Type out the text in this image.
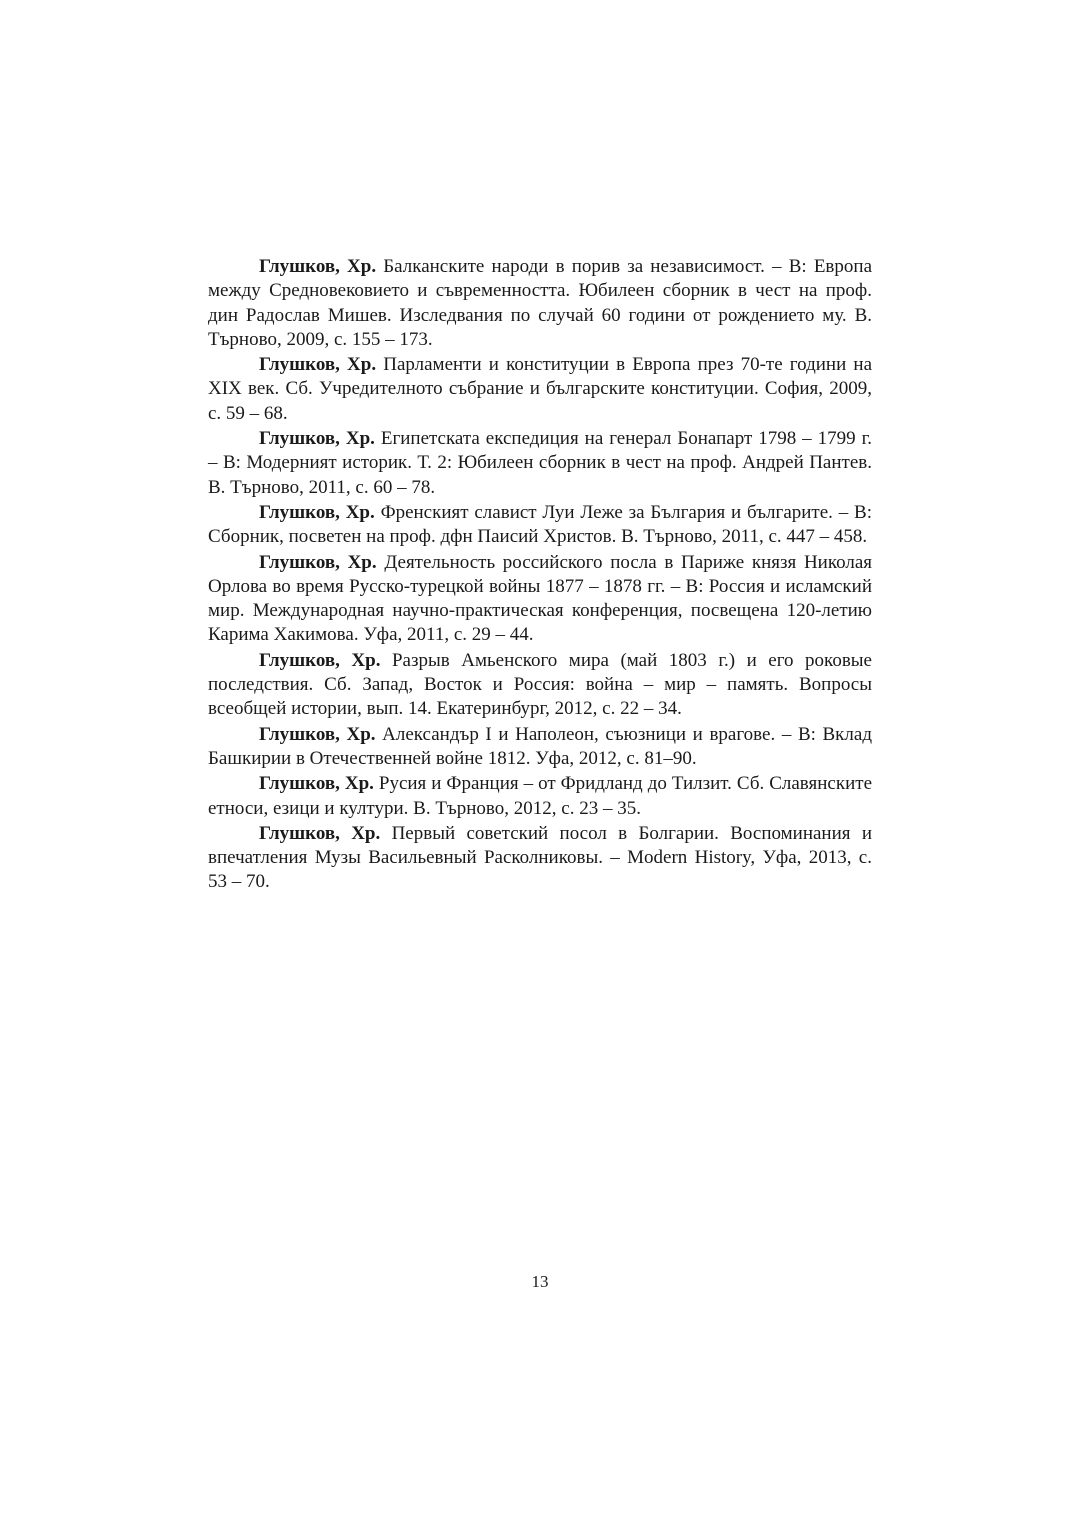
Глушков, Хр. Балканските народи в порив за независимост. – В: Европа между Средновековието и съвременността. Юбилеен сборник в чест на проф. дин Радослав Мишев. Изследвания по случай 60 години от рождението му. В. Търново, 2009, с. 155 – 173.

Глушков, Хр. Парламенти и конституции в Европа през 70-те години на XIX век. Сб. Учредителното събрание и българските конституции. София, 2009, с. 59 – 68.

Глушков, Хр. Египетската експедиция на генерал Бонапарт 1798 – 1799 г. – В: Модерният историк. Т. 2: Юбилеен сборник в чест на проф. Андрей Пантев. В. Търново, 2011, с. 60 – 78.

Глушков, Хр. Френският славист Луи Леже за България и българите. – В: Сборник, посветен на проф. дфн Паисий Христов. В. Търново, 2011, с. 447 – 458.

Глушков, Хр. Деятельность российского посла в Париже князя Николая Орлова во время Русско-турецкой войны 1877 – 1878 гг. – В: Россия и исламский мир. Международная научно-практическая конференция, посвещена 120-летию Карима Хакимова. Уфа, 2011, с. 29 – 44.

Глушков, Хр. Разрыв Амьенского мира (май 1803 г.) и его роковые последствия. Сб. Запад, Восток и Россия: война – мир – память. Вопросы всеобщей истории, вып. 14. Екатеринбург, 2012, с. 22 – 34.

Глушков, Хр. Александър I и Наполеон, съюзници и врагове. – В: Вклад Башкирии в Отечественней войне 1812. Уфа, 2012, с. 81–90.

Глушков, Хр. Русия и Франция – от Фридланд до Тилзит. Сб. Славянските етноси, езици и култури. В. Търново, 2012, с. 23 – 35.

Глушков, Хр. Первый советский посол в Болгарии. Воспоминания и впечатления Музы Васильевный Расколниковы. – Modern History, Уфа, 2013, с. 53 – 70.

13
